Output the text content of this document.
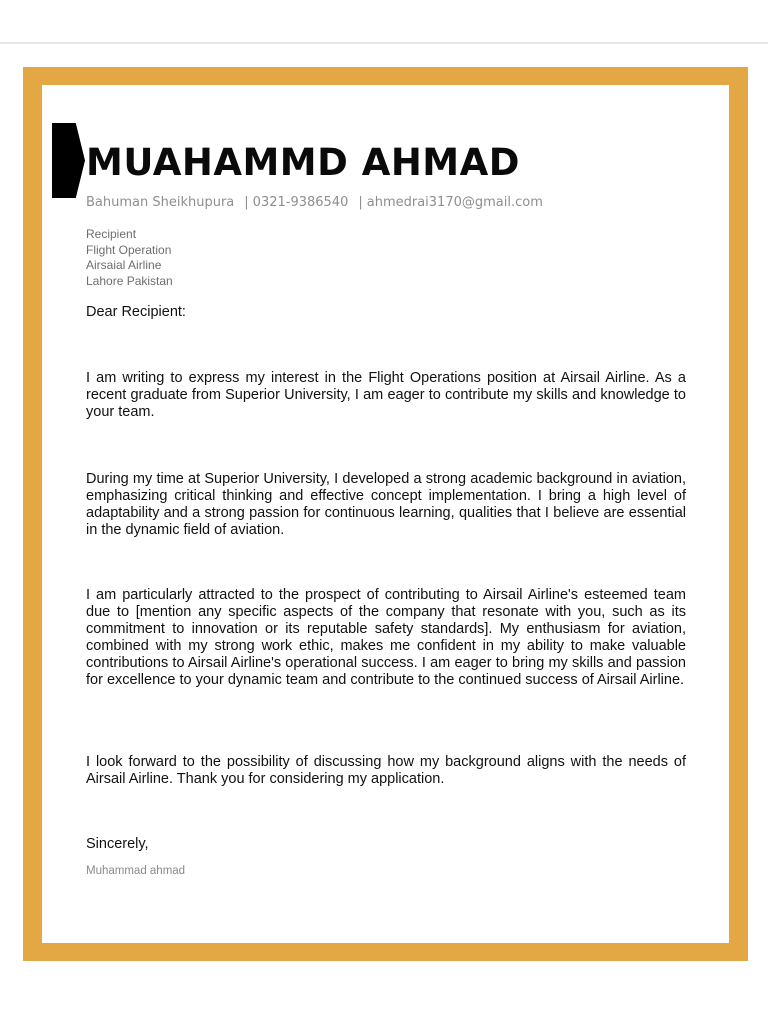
MUAHAMMD AHMAD
Bahuman Sheikhupura | 0321-9386540 | ahmedrai3170@gmail.com
Recipient
Flight Operation
Airsaial Airline
Lahore Pakistan
Dear Recipient:

I am writing to express my interest in the Flight Operations position at Airsail Airline. As a recent graduate from Superior University, I am eager to contribute my skills and knowledge to your team.

During my time at Superior University, I developed a strong academic background in aviation, emphasizing critical thinking and effective concept implementation. I bring a high level of adaptability and a strong passion for continuous learning, qualities that I believe are essential in the dynamic field of aviation.

I am particularly attracted to the prospect of contributing to Airsail Airline's esteemed team due to [mention any specific aspects of the company that resonate with you, such as its commitment to innovation or its reputable safety standards]. My enthusiasm for aviation, combined with my strong work ethic, makes me confident in my ability to make valuable contributions to Airsail Airline's operational success. I am eager to bring my skills and passion for excellence to your dynamic team and contribute to the continued success of Airsail Airline.

I look forward to the possibility of discussing how my background aligns with the needs of Airsail Airline. Thank you for considering my application.

Sincerely,
Muhammad ahmad
